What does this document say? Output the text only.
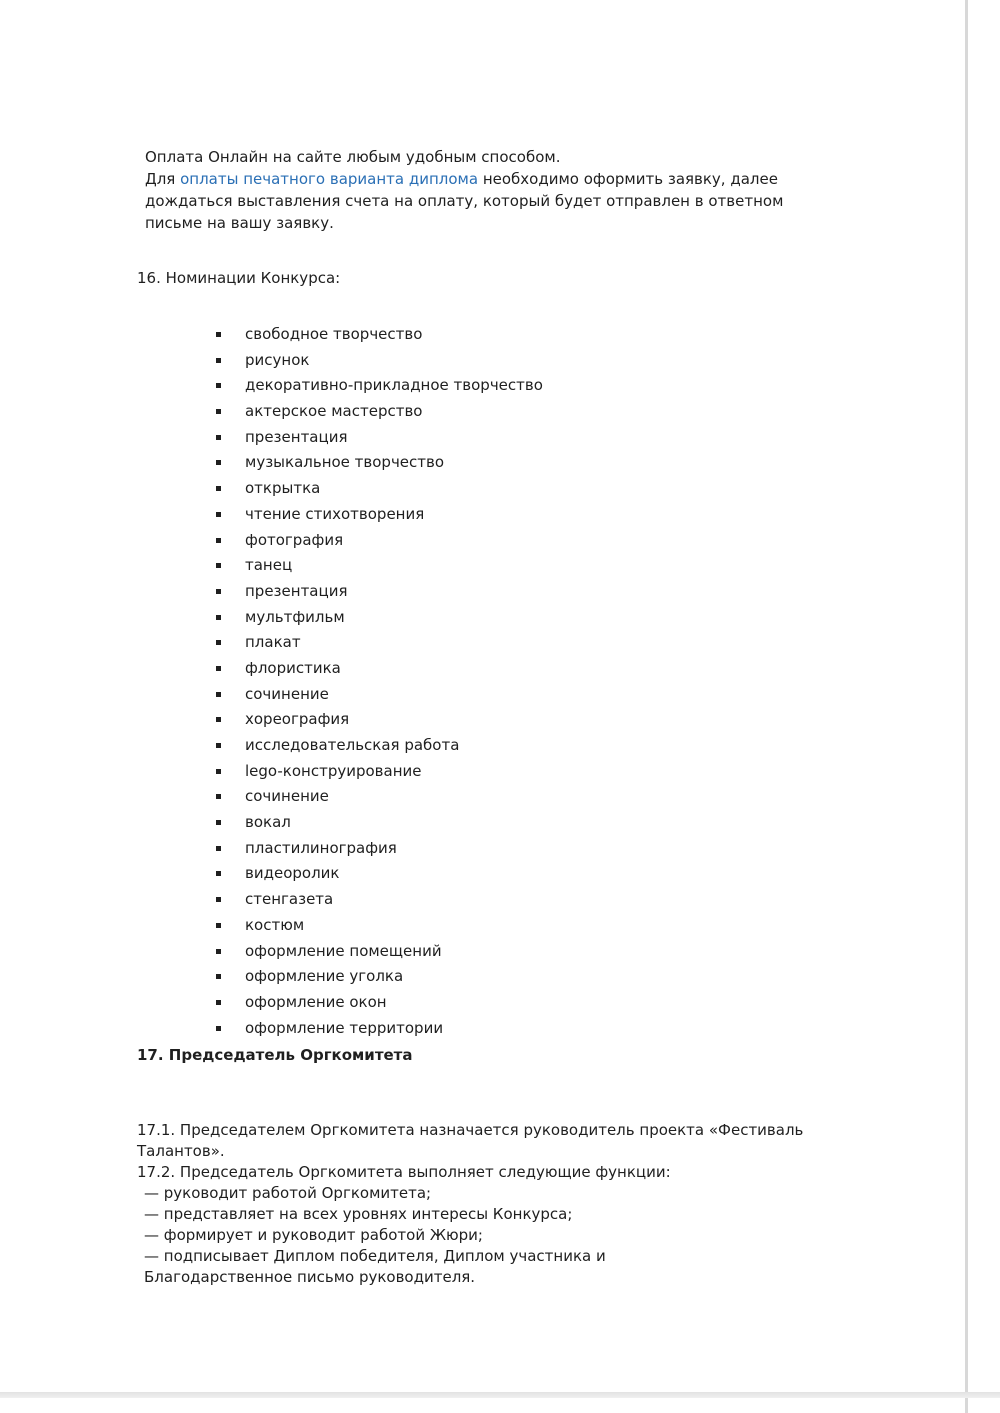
Оплата Онлайн на сайте любым удобным способом.
Для оплаты печатного варианта диплома необходимо оформить заявку, далее
дождаться выставления счета на оплату, который будет отправлен в ответном
письме на вашу заявку.
16. Номинации Конкурса:
свободное творчество
рисунок
декоративно-прикладное творчество
актерское мастерство
презентация
музыкальное творчество
открытка
чтение стихотворения
фотография
танец
презентация
мультфильм
плакат
флористика
сочинение
хореография
исследовательская работа
lego-конструирование
сочинение
вокал
пластилинография
видеоролик
стенгазета
костюм
оформление помещений
оформление уголка
оформление окон
оформление территории
17. Председатель Оргкомитета
17.1. Председателем Оргкомитета назначается руководитель проекта «Фестиваль
Талантов».
17.2. Председатель Оргкомитета выполняет следующие функции:
— руководит работой Оргкомитета;
— представляет на всех уровнях интересы Конкурса;
— формирует и руководит работой Жюри;
— подписывает Диплом победителя, Диплом участника и
Благодарственное письмо руководителя.
